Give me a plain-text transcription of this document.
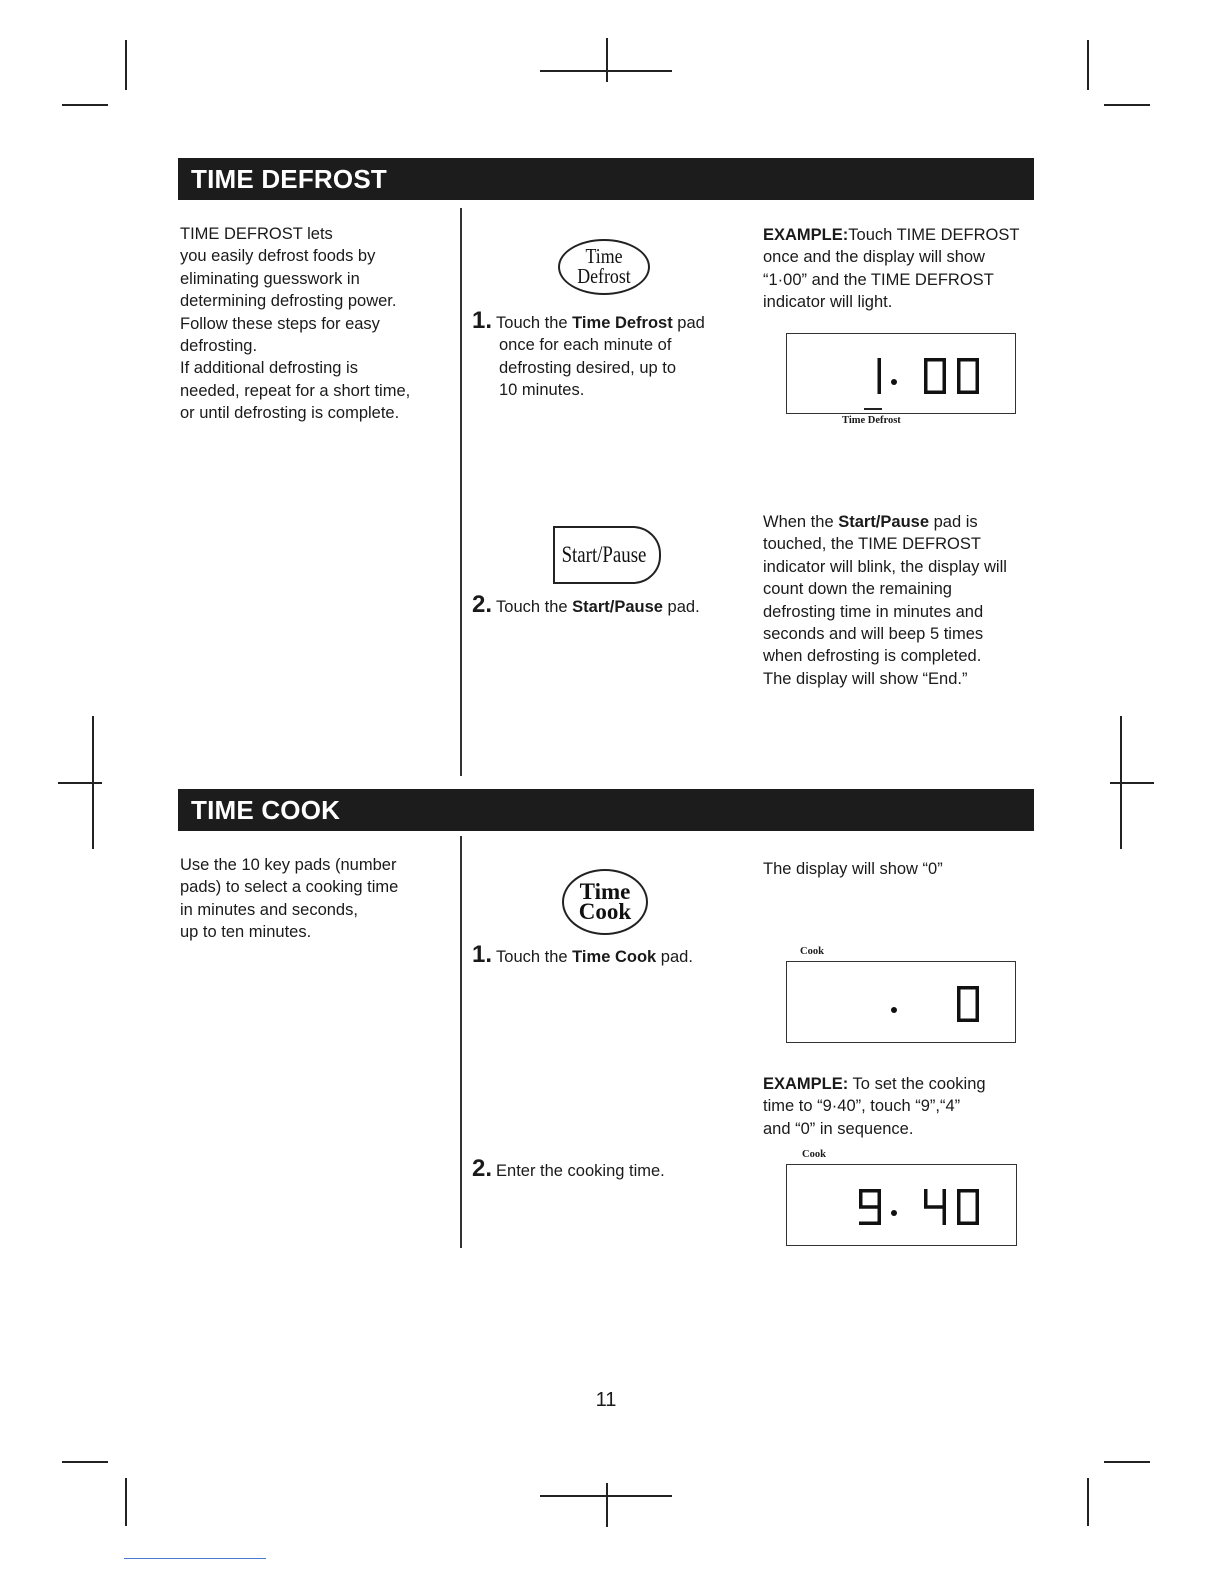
TIME DEFROST
TIME DEFROST lets
you easily defrost foods by
eliminating guesswork in
determining defrosting power.
Follow these steps for easy
defrosting.
If additional defrosting is
needed, repeat for a short time,
or until defrosting is complete.
Time
Defrost
1. Touch the Time Defrost pad
once for each minute of
defrosting desired, up to
10 minutes.
EXAMPLE:Touch TIME DEFROST
once and the display will show
“1·00” and the TIME DEFROST
indicator will light.
Time Defrost
Start/Pause
2. Touch the Start/Pause pad.
When the Start/Pause pad is
touched, the TIME DEFROST
indicator will blink, the display will
count down the remaining
defrosting time in minutes and
seconds and will beep 5 times
when defrosting is completed.
The display will show “End.”
TIME COOK
Use the 10 key pads (number
pads) to select a cooking time
in minutes and seconds,
up to ten minutes.
Time
Cook
1. Touch the Time Cook pad.
The display will show “0”
Cook
EXAMPLE: To set the cooking
time to “9·40”, touch “9”,“4”
and “0” in sequence.
2. Enter the cooking time.
Cook
11
